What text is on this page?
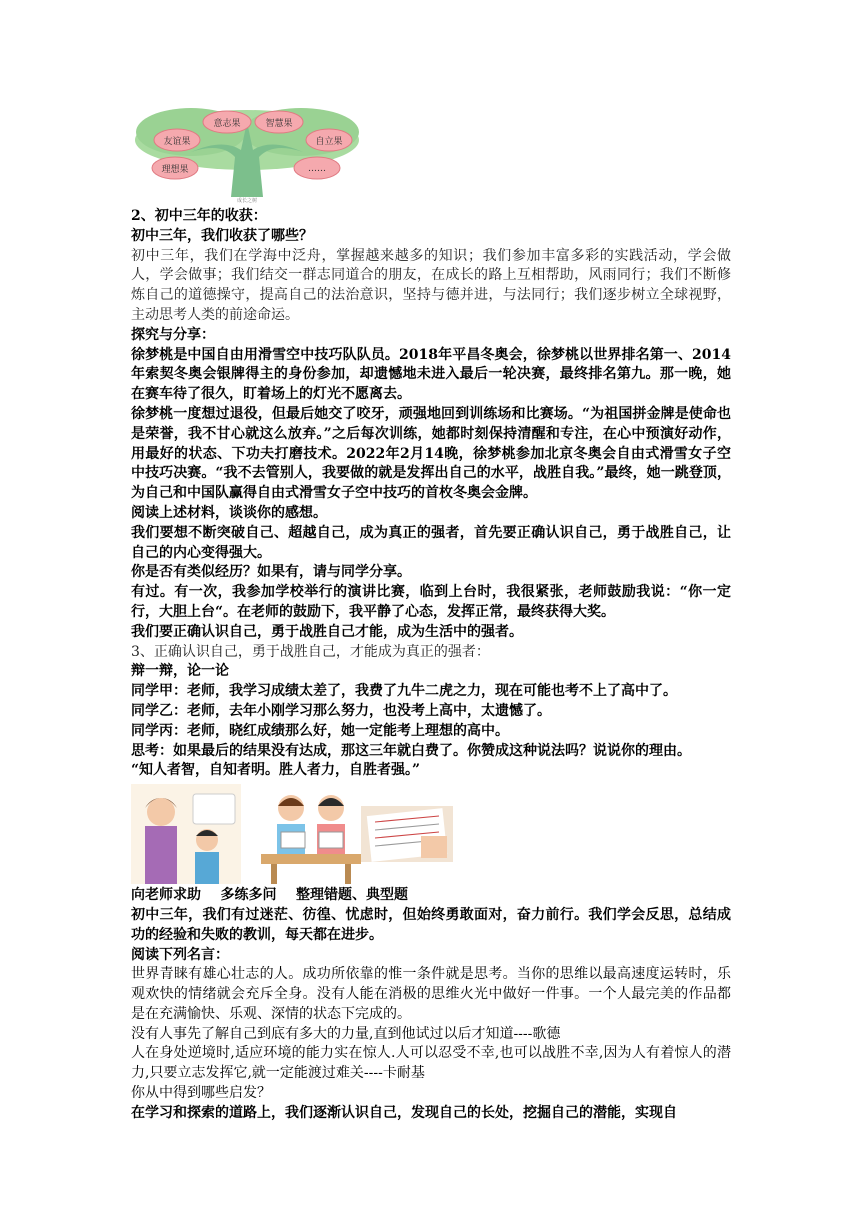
意志果	智慧果
友谊果	自立果
理想果	……
成长之树
2、初中三年的收获：
初中三年，我们收获了哪些？
初中三年，我们在学海中泛舟，掌握越来越多的知识；我们参加丰富多彩的实践活动，学会做人，学会做事；我们结交一群志同道合的朋友，在成长的路上互相帮助，风雨同行；我们不断修炼自己的道德操守，提高自己的法治意识，坚持与德并进，与法同行；我们逐步树立全球视野，主动思考人类的前途命运。
探究与分享：
徐梦桃是中国自由用滑雪空中技巧队队员。2018年平昌冬奥会，徐梦桃以世界排名第一、2014年索契冬奥会银牌得主的身份参加，却遗憾地未进入最后一轮决赛，最终排名第九。那一晚，她在赛车待了很久，盯着场上的灯光不愿离去。
徐梦桃一度想过退役，但最后她交了咬牙，顽强地回到训练场和比赛场。“为祖国拼金牌是使命也是荣誉，我不甘心就这么放弃。”之后每次训练，她都时刻保持清醒和专注，在心中预演好动作，用最好的状态、下功夫打磨技术。2022年2月14晚，徐梦桃参加北京冬奥会自由式滑雪女子空中技巧决赛。“我不去管别人，我要做的就是发挥出自己的水平，战胜自我。”最终，她一跳登顶，为自己和中国队赢得自由式滑雪女子空中技巧的首枚冬奥会金牌。
阅读上述材料，谈谈你的感想。
我们要想不断突破自己、超越自己，成为真正的强者，首先要正确认识自己，勇于战胜自己，让自己的内心变得强大。
你是否有类似经历？如果有，请与同学分享。
有过。有一次，我参加学校举行的演讲比赛，临到上台时，我很紧张，老师鼓励我说：“你一定行，大胆上台“。在老师的鼓励下，我平静了心态，发挥正常，最终获得大奖。
我们要正确认识自己，勇于战胜自己才能，成为生活中的强者。
3、正确认识自己，勇于战胜自己，才能成为真正的强者：
辩一辩，论一论
同学甲：老师，我学习成绩太差了，我费了九牛二虎之力，现在可能也考不上了高中了。
同学乙：老师，去年小刚学习那么努力，也没考上高中，太遗憾了。
同学丙：老师，晓红成绩那么好，她一定能考上理想的高中。
思考：如果最后的结果没有达成，那这三年就白费了。你赞成这种说法吗？说说你的理由。
“知人者智，自知者明。胜人者力，自胜者强。”
向老师求助 多练多问 整理错题、典型题
初中三年，我们有过迷茫、彷徨、忧虑时，但始终勇敢面对，奋力前行。我们学会反思，总结成功的经验和失败的教训，每天都在进步。
阅读下列名言：
世界青睐有雄心壮志的人。成功所依靠的惟一条件就是思考。当你的思维以最高速度运转时，乐观欢快的情绪就会充斥全身。没有人能在消极的思维火光中做好一件事。一个人最完美的作品都是在充满愉快、乐观、深情的状态下完成的。
没有人事先了解自己到底有多大的力量,直到他试过以后才知道----歌德
人在身处逆境时,适应环境的能力实在惊人.人可以忍受不幸,也可以战胜不幸,因为人有着惊人的潜力,只要立志发挥它,就一定能渡过难关----卡耐基
你从中得到哪些启发？
在学习和探索的道路上，我们逐渐认识自己，发现自己的长处，挖掘自己的潜能，实现自
